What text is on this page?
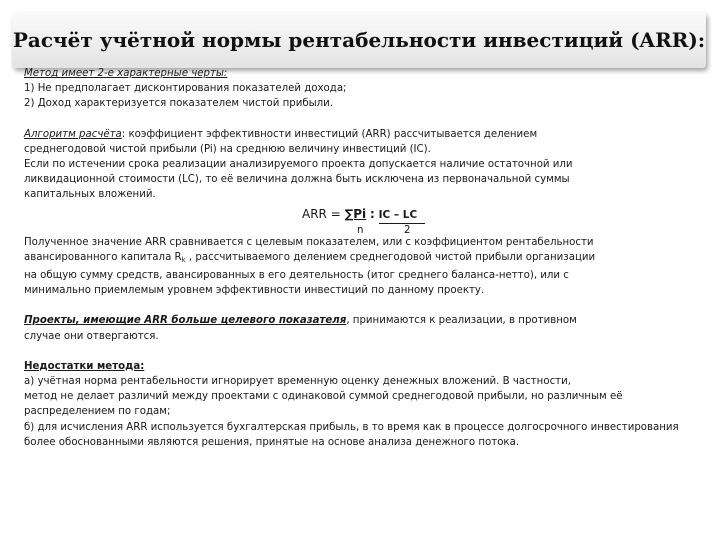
Расчёт учётной нормы рентабельности инвестиций (ARR):

Метод имеет 2-е характерные черты:

1) Не предполагает дисконтирования показателей дохода;

2) Доход характеризуется показателем чистой прибыли.

Алгоритм расчёта: коэффициент эффективности инвестиций (ARR) рассчитывается делением

среднегодовой чистой прибыли (Pi) на среднюю величину инвестиций (IC).

Если по истечении срока реализации анализируемого проекта допускается наличие остаточной или

ликвидационной стоимости (LC), то её величина должна быть исключена из первоначальной суммы

капитальных вложений.

ARR = ∑Pi : IC – LC
n	2

Полученное значение ARR сравнивается с целевым показателем, или с коэффициентом рентабельности

авансированного капитала $R_k$ , рассчитываемого делением среднегодовой чистой прибыли организации

на общую сумму средств, авансированных в его деятельность (итог среднего баланса-нетто), или с

минимально приемлемым уровнем эффективности инвестиций по данному проекту.

Проекты, имеющие ARR больше целевого показателя, принимаются к реализации, в противном

случае они отвергаются.

Недостатки метода:

а) учётная норма рентабельности игнорирует временную оценку денежных вложений. В частности,

метод не делает различий между проектами с одинаковой суммой среднегодовой прибыли, но различным её

распределением по годам;

б) для исчисления ARR используется бухгалтерская прибыль, в то время как в процессе долгосрочного инвестирования

более обоснованными являются решения, принятые на основе анализа денежного потока.
